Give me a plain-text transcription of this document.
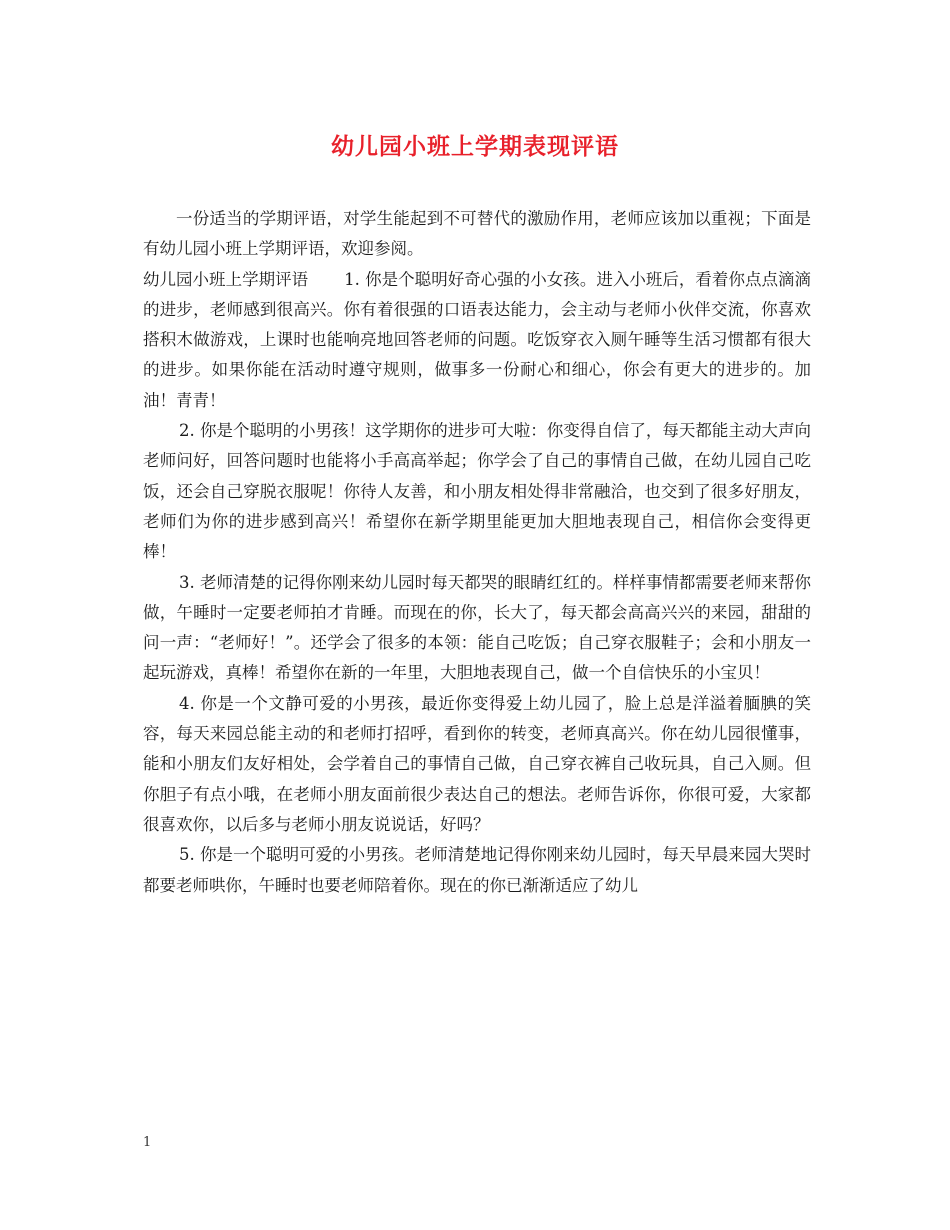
幼儿园小班上学期表现评语

一份适当的学期评语，对学生能起到不可替代的激励作用，老师应该加以重视；下面是有幼儿园小班上学期评语，欢迎参阅。

幼儿园小班上学期评语 1. 你是个聪明好奇心强的小女孩。进入小班后，看着你点点滴滴的进步，老师感到很高兴。你有着很强的口语表达能力，会主动与老师小伙伴交流，你喜欢搭积木做游戏，上课时也能响亮地回答老师的问题。吃饭穿衣入厕午睡等生活习惯都有很大的进步。如果你能在活动时遵守规则，做事多一份耐心和细心，你会有更大的进步的。加油！青青！

2. 你是个聪明的小男孩！这学期你的进步可大啦：你变得自信了，每天都能主动大声向老师问好，回答问题时也能将小手高高举起；你学会了自己的事情自己做，在幼儿园自己吃饭，还会自己穿脱衣服呢！你待人友善，和小朋友相处得非常融洽，也交到了很多好朋友，老师们为你的进步感到高兴！希望你在新学期里能更加大胆地表现自己，相信你会变得更棒！

3. 老师清楚的记得你刚来幼儿园时每天都哭的眼睛红红的。样样事情都需要老师来帮你做，午睡时一定要老师拍才肯睡。而现在的你，长大了，每天都会高高兴兴的来园，甜甜的问一声：“老师好！”。还学会了很多的本领：能自己吃饭；自己穿衣服鞋子；会和小朋友一起玩游戏，真棒！希望你在新的一年里，大胆地表现自己，做一个自信快乐的小宝贝！

4. 你是一个文静可爱的小男孩，最近你变得爱上幼儿园了，脸上总是洋溢着腼腆的笑容，每天来园总能主动的和老师打招呼，看到你的转变，老师真高兴。你在幼儿园很懂事，能和小朋友们友好相处，会学着自己的事情自己做，自己穿衣裤自己收玩具，自己入厕。但你胆子有点小哦，在老师小朋友面前很少表达自己的想法。老师告诉你，你很可爱，大家都很喜欢你，以后多与老师小朋友说说话，好吗？

5. 你是一个聪明可爱的小男孩。老师清楚地记得你刚来幼儿园时，每天早晨来园大哭时都要老师哄你，午睡时也要老师陪着你。现在的你已渐渐适应了幼儿

1
